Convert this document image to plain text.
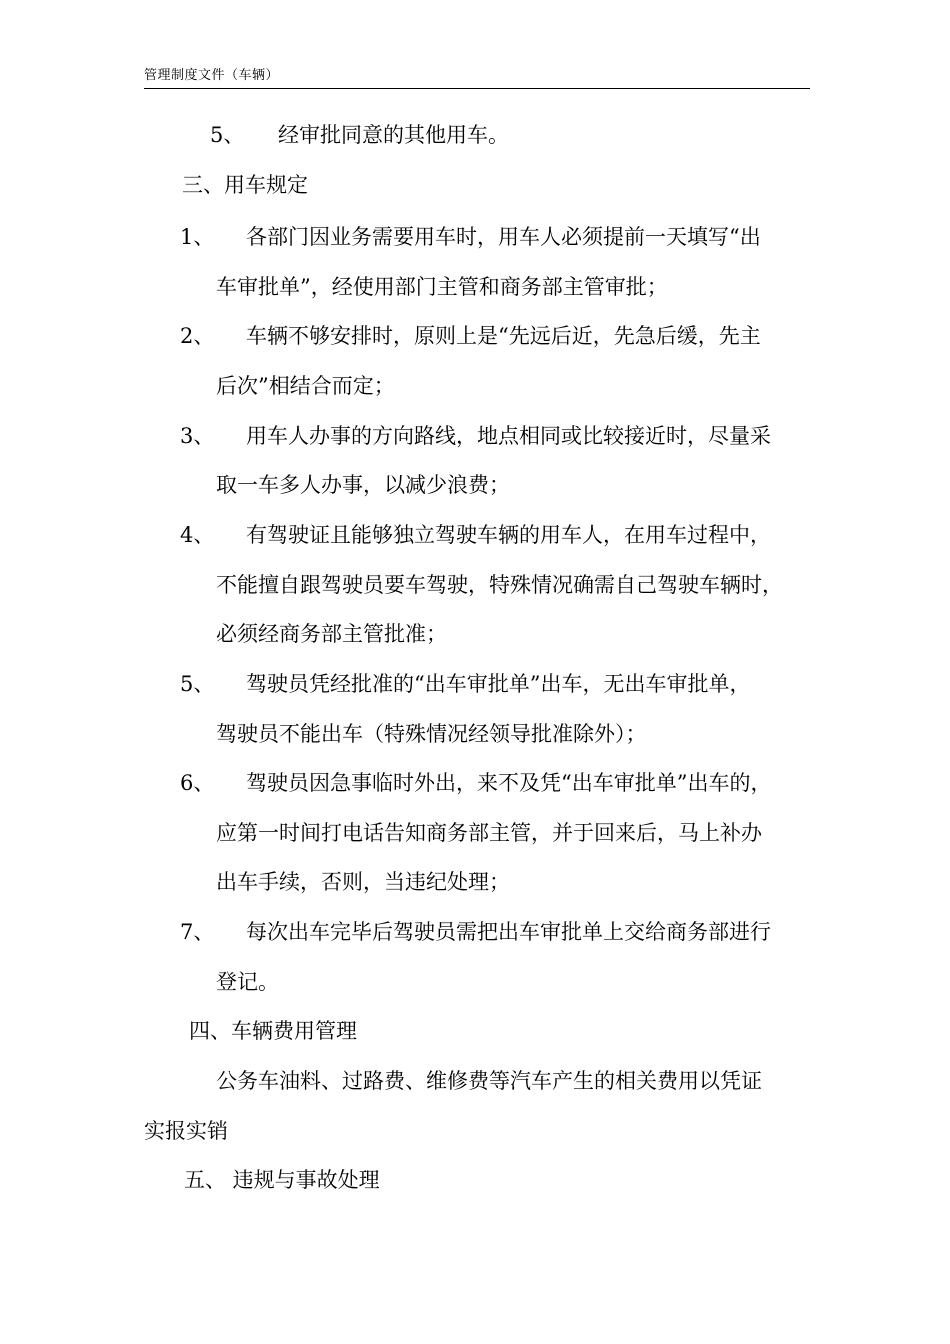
管理制度文件（车辆）
5、 经审批同意的其他用车。
三、用车规定
1、 各部门因业务需要用车时，用车人必须提前一天填写“出
车审批单”，经使用部门主管和商务部主管审批；
2、 车辆不够安排时，原则上是“先远后近，先急后缓，先主
后次”相结合而定；
3、 用车人办事的方向路线，地点相同或比较接近时，尽量采
取一车多人办事，以减少浪费；
4、 有驾驶证且能够独立驾驶车辆的用车人，在用车过程中，
不能擅自跟驾驶员要车驾驶，特殊情况确需自己驾驶车辆时，
必须经商务部主管批准；
5、 驾驶员凭经批准的“出车审批单”出车，无出车审批单，
驾驶员不能出车（特殊情况经领导批准除外）；
6、 驾驶员因急事临时外出，来不及凭“出车审批单”出车的，
应第一时间打电话告知商务部主管，并于回来后，马上补办
出车手续，否则，当违纪处理；
7、 每次出车完毕后驾驶员需把出车审批单上交给商务部进行
登记。
四、车辆费用管理
公务车油料、过路费、维修费等汽车产生的相关费用以凭证
实报实销
五、 违规与事故处理
